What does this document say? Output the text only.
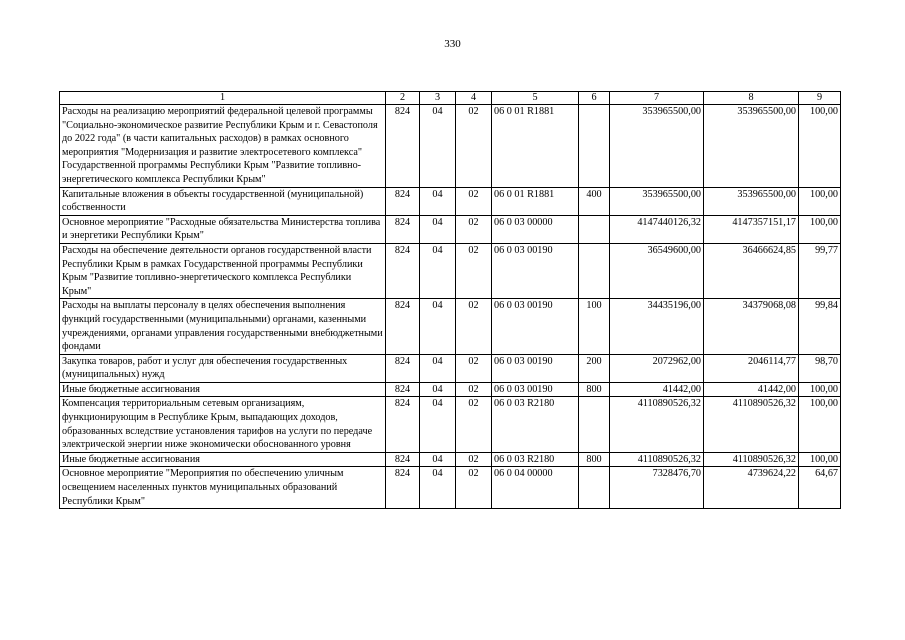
330
1	2	3	4	5	6	7	8	9
Расходы на реализацию мероприятий федеральной целевой программы "Социально-экономическое развитие Республики Крым и г. Севастополя до 2022 года" (в части капитальных расходов) в рамках основного мероприятия "Модернизация и развитие электросетевого комплекса" Государственной программы Республики Крым "Развитие топливно-энергетического комплекса Республики Крым"	824	04	02	06 0 01 R1881		353965500,00	353965500,00	100,00
Капитальные вложения в объекты государственной (муниципальной) собственности	824	04	02	06 0 01 R1881	400	353965500,00	353965500,00	100,00
Основное мероприятие "Расходные обязательства Министерства топлива и энергетики Республики Крым"	824	04	02	06 0 03 00000		4147440126,32	4147357151,17	100,00
Расходы на обеспечение деятельности органов государственной власти Республики Крым в рамках Государственной программы Республики Крым "Развитие топливно-энергетического комплекса Республики Крым"	824	04	02	06 0 03 00190		36549600,00	36466624,85	99,77
Расходы на выплаты персоналу в целях обеспечения выполнения функций государственными (муниципальными) органами, казенными учреждениями, органами управления государственными внебюджетными фондами	824	04	02	06 0 03 00190	100	34435196,00	34379068,08	99,84
Закупка товаров, работ и услуг для обеспечения государственных (муниципальных) нужд	824	04	02	06 0 03 00190	200	2072962,00	2046114,77	98,70
Иные бюджетные ассигнования	824	04	02	06 0 03 00190	800	41442,00	41442,00	100,00
Компенсация территориальным сетевым организациям, функционирующим в Республике Крым, выпадающих доходов, образованных вследствие установления тарифов на услуги по передаче электрической энергии ниже экономически обоснованного уровня	824	04	02	06 0 03 R2180		4110890526,32	4110890526,32	100,00
Иные бюджетные ассигнования	824	04	02	06 0 03 R2180	800	4110890526,32	4110890526,32	100,00
Основное мероприятие "Мероприятия по обеспечению уличным освещением населенных пунктов муниципальных образований Республики Крым"	824	04	02	06 0 04 00000		7328476,70	4739624,22	64,67
